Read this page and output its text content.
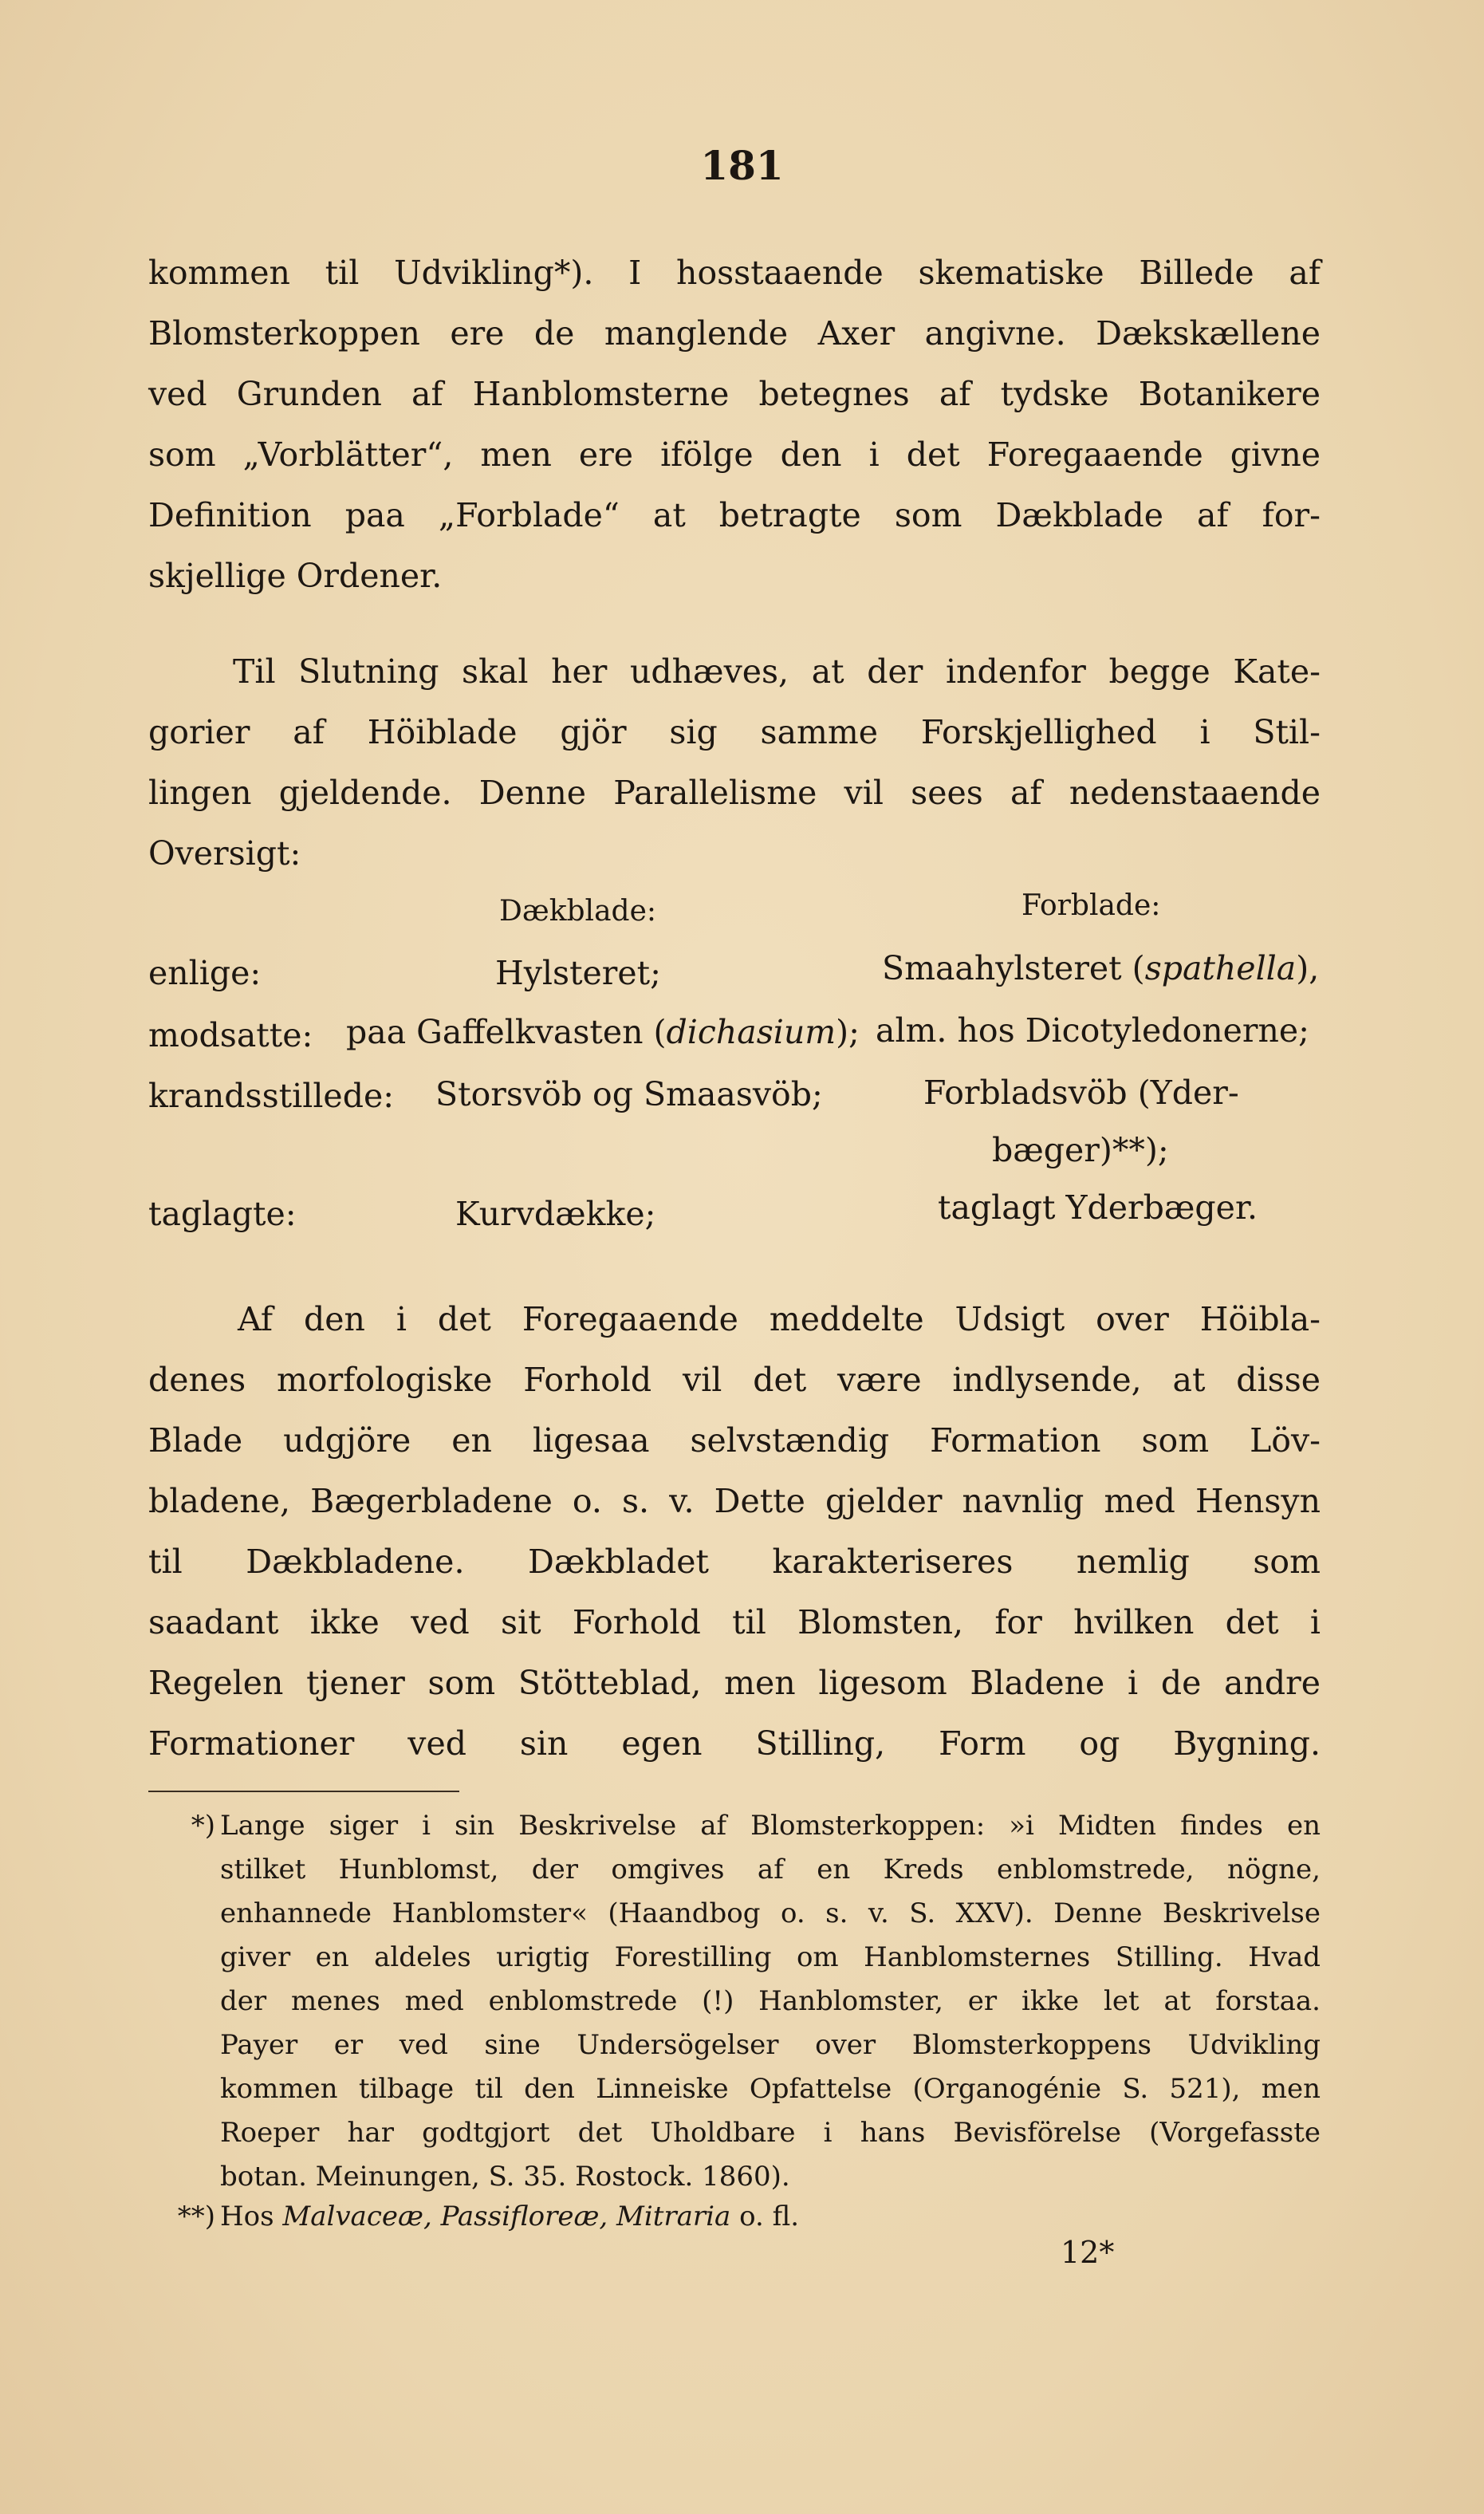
181
kommen til Udvikling*). I hosstaaende skematiske Billede af
Blomsterkoppen ere de manglende Axer angivne. Dækskællene
ved Grunden af Hanblomsterne betegnes af tydske Botanikere
som „Vorblätter“, men ere ifölge den i det Foregaaende givne
Definition paa „Forblade“ at betragte som Dækblade af for-
skjellige Ordener.
Til Slutning skal her udhæves, at der indenfor begge Kate-
gorier af Höiblade gjör sig samme Forskjellighed i Stil-
lingen gjeldende. Denne Parallelisme vil sees af nedenstaaende
Oversigt:
Dækblade:	Forblade:
enlige:	Hylsteret;	Smaahylsteret (spathella),
modsatte: paa Gaffelkvasten (dichasium); alm. hos Dicotyledonerne;
krandsstillede: Storsvöb og Smaasvöb;	Forbladsvöb (Yder-
bæger)**);
taglagte:	Kurvdække;	taglagt Yderbæger.
Af den i det Foregaaende meddelte Udsigt over Höibla-
denes morfologiske Forhold vil det være indlysende, at disse
Blade udgjöre en ligesaa selvstændig Formation som Löv-
bladene, Bægerbladene o. s. v. Dette gjelder navnlig med Hensyn
til Dækbladene. Dækbladet karakteriseres nemlig som
saadant ikke ved sit Forhold til Blomsten, for hvilken det i
Regelen tjener som Stötteblad, men ligesom Bladene i de andre
Formationer ved sin egen Stilling, Form og Bygning.
*) Lange siger i sin Beskrivelse af Blomsterkoppen: »i Midten findes en
stilket Hunblomst, der omgives af en Kreds enblomstrede, nögne,
enhannede Hanblomster« (Haandbog o. s. v. S. XXV). Denne Beskrivelse
giver en aldeles urigtig Forestilling om Hanblomsternes Stilling. Hvad
der menes med enblomstrede (!) Hanblomster, er ikke let at forstaa.
Payer er ved sine Undersögelser over Blomsterkoppens Udvikling
kommen tilbage til den Linneiske Opfattelse (Organogénie S. 521), men
Roeper har godtgjort det Uholdbare i hans Bevisförelse (Vorgefasste
botan. Meinungen, S. 35. Rostock. 1860).
**) Hos Malvaceæ, Passifloreæ, Mitraria o. fl.
12*
